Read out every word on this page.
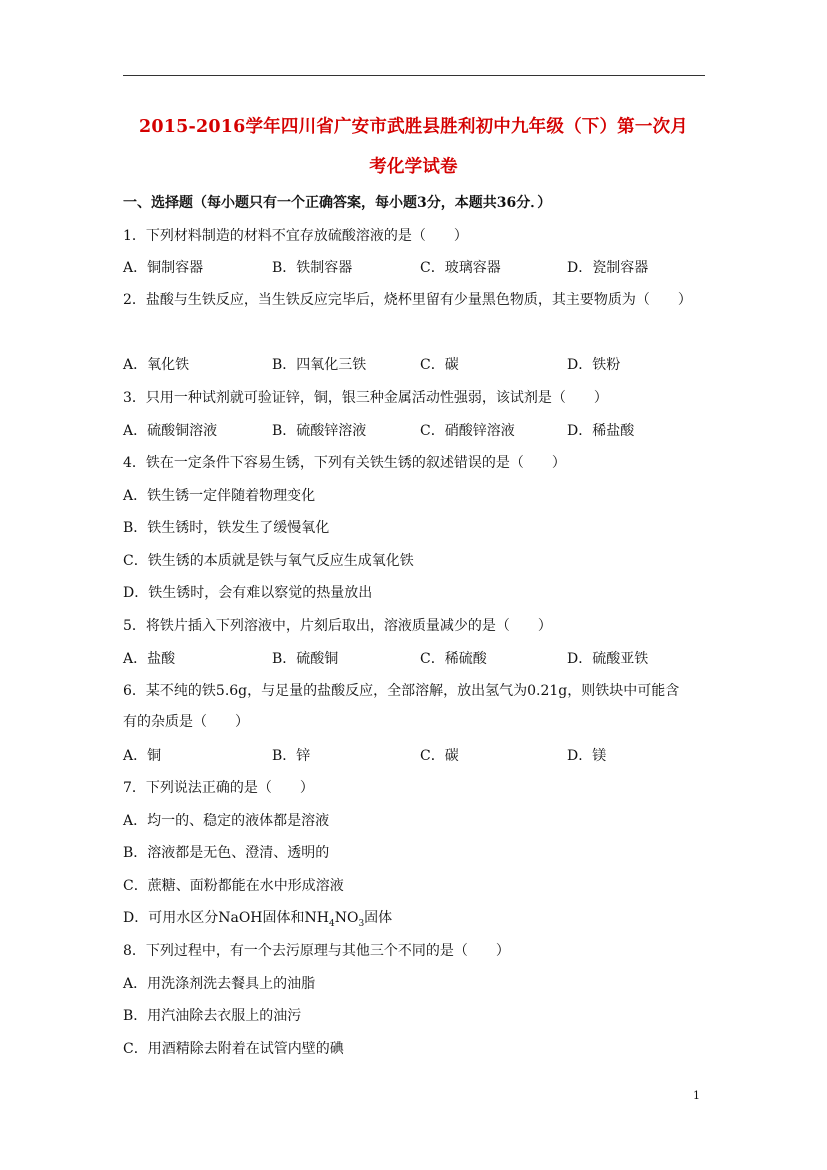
2015-2016学年四川省广安市武胜县胜利初中九年级（下）第一次月
考化学试卷
一、选择题（每小题只有一个正确答案，每小题3分，本题共36分．）
1．下列材料制造的材料不宜存放硫酸溶液的是（　　）
A．铜制容器	B．铁制容器	C．玻璃容器	D．瓷制容器
2．盐酸与生铁反应，当生铁反应完毕后，烧杯里留有少量黑色物质，其主要物质为（　　）
A．氧化铁	B．四氧化三铁	C．碳	D．铁粉
3．只用一种试剂就可验证锌，铜，银三种金属活动性强弱，该试剂是（　　）
A．硫酸铜溶液	B．硫酸锌溶液	C．硝酸锌溶液	D．稀盐酸
4．铁在一定条件下容易生锈，下列有关铁生锈的叙述错误的是（　　）
A．铁生锈一定伴随着物理变化
B．铁生锈时，铁发生了缓慢氧化
C．铁生锈的本质就是铁与氧气反应生成氧化铁
D．铁生锈时，会有难以察觉的热量放出
5．将铁片插入下列溶液中，片刻后取出，溶液质量减少的是（　　）
A．盐酸	B．硫酸铜	C．稀硫酸	D．硫酸亚铁
6．某不纯的铁5.6g，与足量的盐酸反应，全部溶解，放出氢气为0.21g，则铁块中可能含
有的杂质是（　　）
A．铜	B．锌	C．碳	D．镁
7．下列说法正确的是（　　）
A．均一的、稳定的液体都是溶液
B．溶液都是无色、澄清、透明的
C．蔗糖、面粉都能在水中形成溶液
D．可用水区分NaOH固体和$NH_4NO_3$固体
8．下列过程中，有一个去污原理与其他三个不同的是（　　）
A．用洗涤剂洗去餐具上的油脂
B．用汽油除去衣服上的油污
C．用酒精除去附着在试管内壁的碘
1
